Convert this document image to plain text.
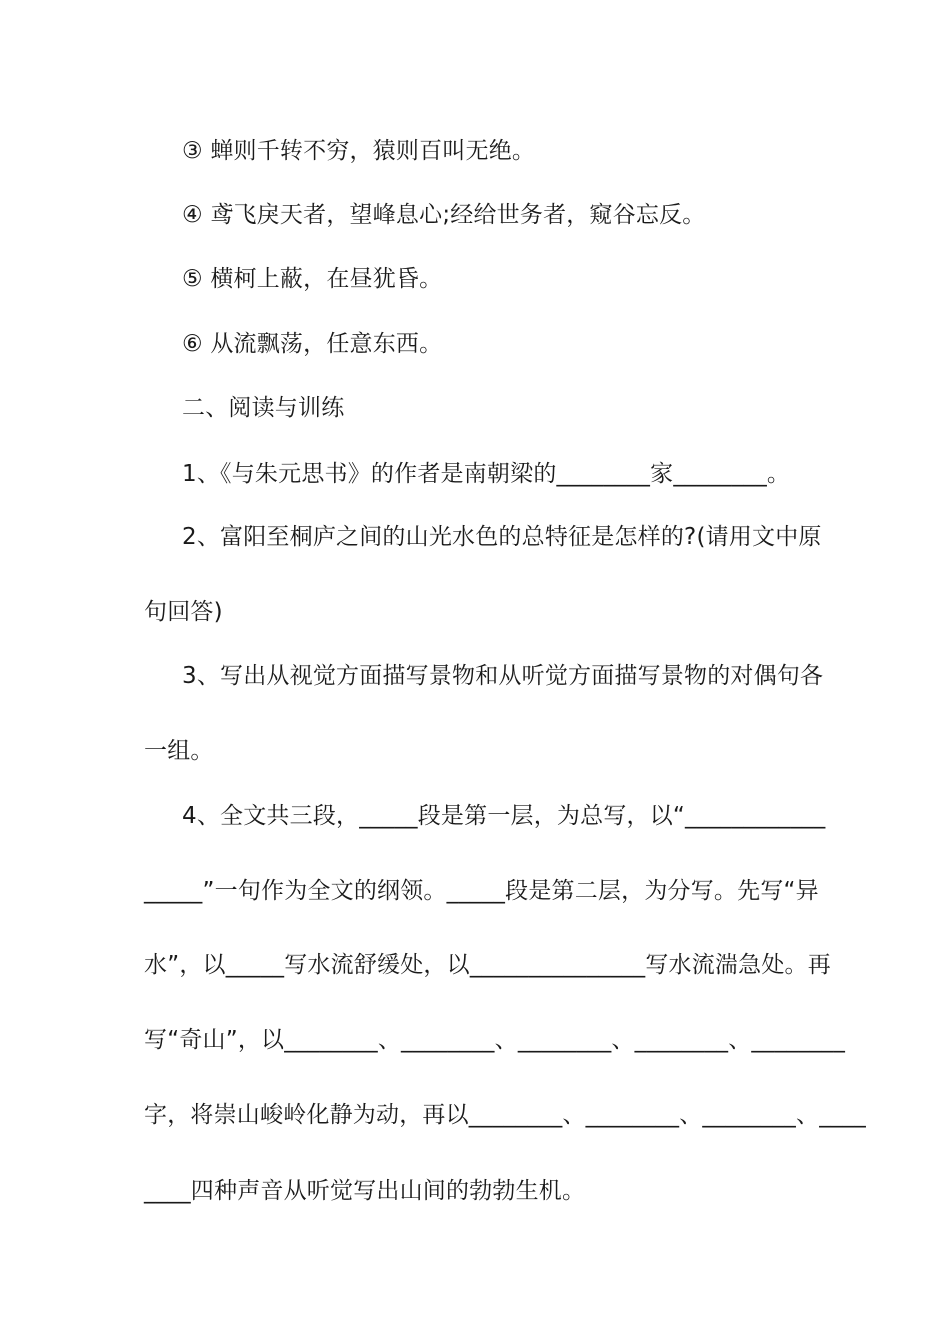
③ 蝉则千转不穷，猿则百叫无绝。
④ 鸢飞戾天者，望峰息心;经给世务者，窥谷忘反。
⑤ 横柯上蔽，在昼犹昏。
⑥ 从流飘荡，任意东西。
二、阅读与训练
1、《与朱元思书》的作者是南朝梁的________家________。
2、富阳至桐庐之间的山光水色的总特征是怎样的?(请用文中原
句回答)
3、写出从视觉方面描写景物和从听觉方面描写景物的对偶句各
一组。
4、全文共三段，_____段是第一层，为总写，以“____________
_____”一句作为全文的纲领。_____段是第二层，为分写。先写“异
水”，以_____写水流舒缓处，以_______________写水流湍急处。再
写“奇山”，以________、________、________、________、________
字，将崇山峻岭化静为动，再以________、________、________、____
____四种声音从听觉写出山间的勃勃生机。
